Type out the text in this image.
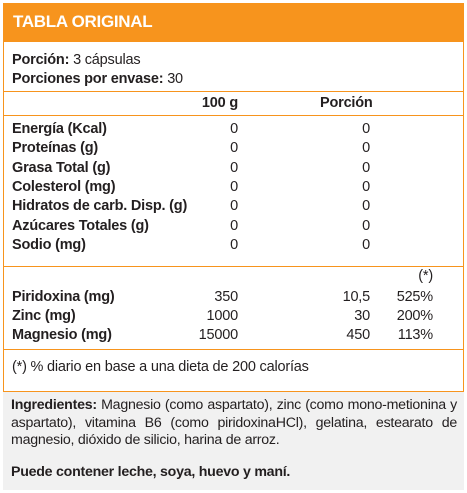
TABLA ORIGINAL
Porción: 3 cápsulas
Porciones por envase: 30
100 g	Porción
Energía (Kcal)	0	0
Proteínas (g)	0	0
Grasa Total (g)	0	0
Colesterol (mg)	0	0
Hidratos de carb. Disp. (g)	0	0
Azúcares Totales (g)	0	0
Sodio (mg)	0	0
(*)
Piridoxina (mg)	350	10,5	525%
Zinc (mg)	1000	30	200%
Magnesio (mg)	15000	450	113%
(*) % diario en base a una dieta de 200 calorías
Ingredientes: Magnesio (como aspartato), zinc (como mono-metionina y aspartato), vitamina B6 (como piridoxinaHCl), gelatina, estearato de magnesio, dióxido de silicio, harina de arroz.
Puede contener leche, soya, huevo y maní.
